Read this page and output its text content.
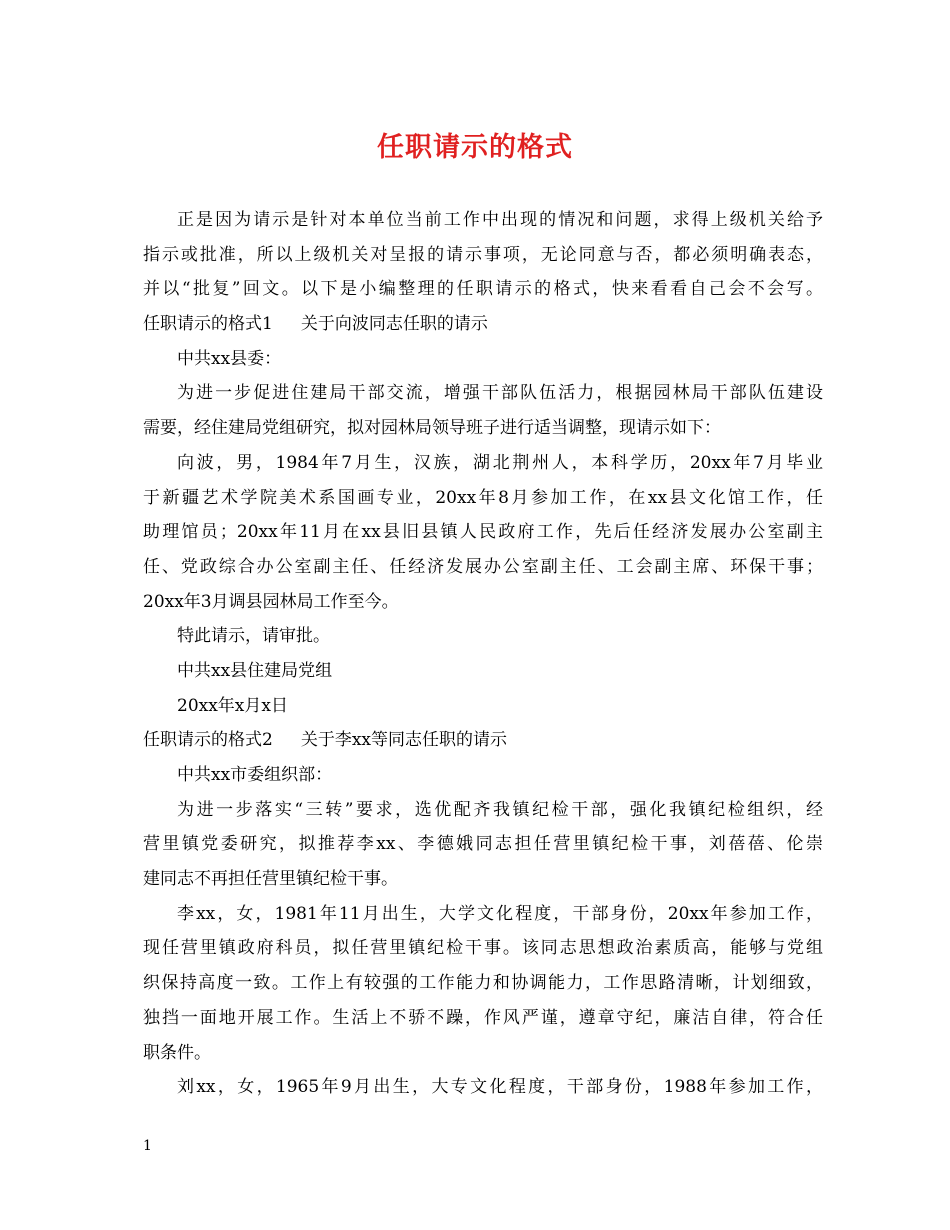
任职请示的格式
正是因为请示是针对本单位当前工作中出现的情况和问题，求得上级机关给予
指示或批准，所以上级机关对呈报的请示事项，无论同意与否，都必须明确表态，
并以“批复”回文。以下是小编整理的任职请示的格式，快来看看自己会不会写。
任职请示的格式1 关于向波同志任职的请示
中共xx县委：
为进一步促进住建局干部交流，增强干部队伍活力，根据园林局干部队伍建设
需要，经住建局党组研究，拟对园林局领导班子进行适当调整，现请示如下：
向波，男，1984年7月生，汉族，湖北荆州人，本科学历，20xx年7月毕业
于新疆艺术学院美术系国画专业，20xx年8月参加工作，在xx县文化馆工作，任
助理馆员；20xx年11月在xx县旧县镇人民政府工作，先后任经济发展办公室副主
任、党政综合办公室副主任、任经济发展办公室副主任、工会副主席、环保干事；
20xx年3月调县园林局工作至今。
特此请示，请审批。
中共xx县住建局党组
20xx年x月x日
任职请示的格式2 关于李xx等同志任职的请示
中共xx市委组织部：
为进一步落实“三转”要求，选优配齐我镇纪检干部，强化我镇纪检组织，经
营里镇党委研究，拟推荐李xx、李德娥同志担任营里镇纪检干事，刘蓓蓓、伦崇
建同志不再担任营里镇纪检干事。
李xx，女，1981年11月出生，大学文化程度，干部身份，20xx年参加工作，
现任营里镇政府科员，拟任营里镇纪检干事。该同志思想政治素质高，能够与党组
织保持高度一致。工作上有较强的工作能力和协调能力，工作思路清晰，计划细致，
独挡一面地开展工作。生活上不骄不躁，作风严谨，遵章守纪，廉洁自律，符合任
职条件。
刘xx，女，1965年9月出生，大专文化程度，干部身份，1988年参加工作，
1
